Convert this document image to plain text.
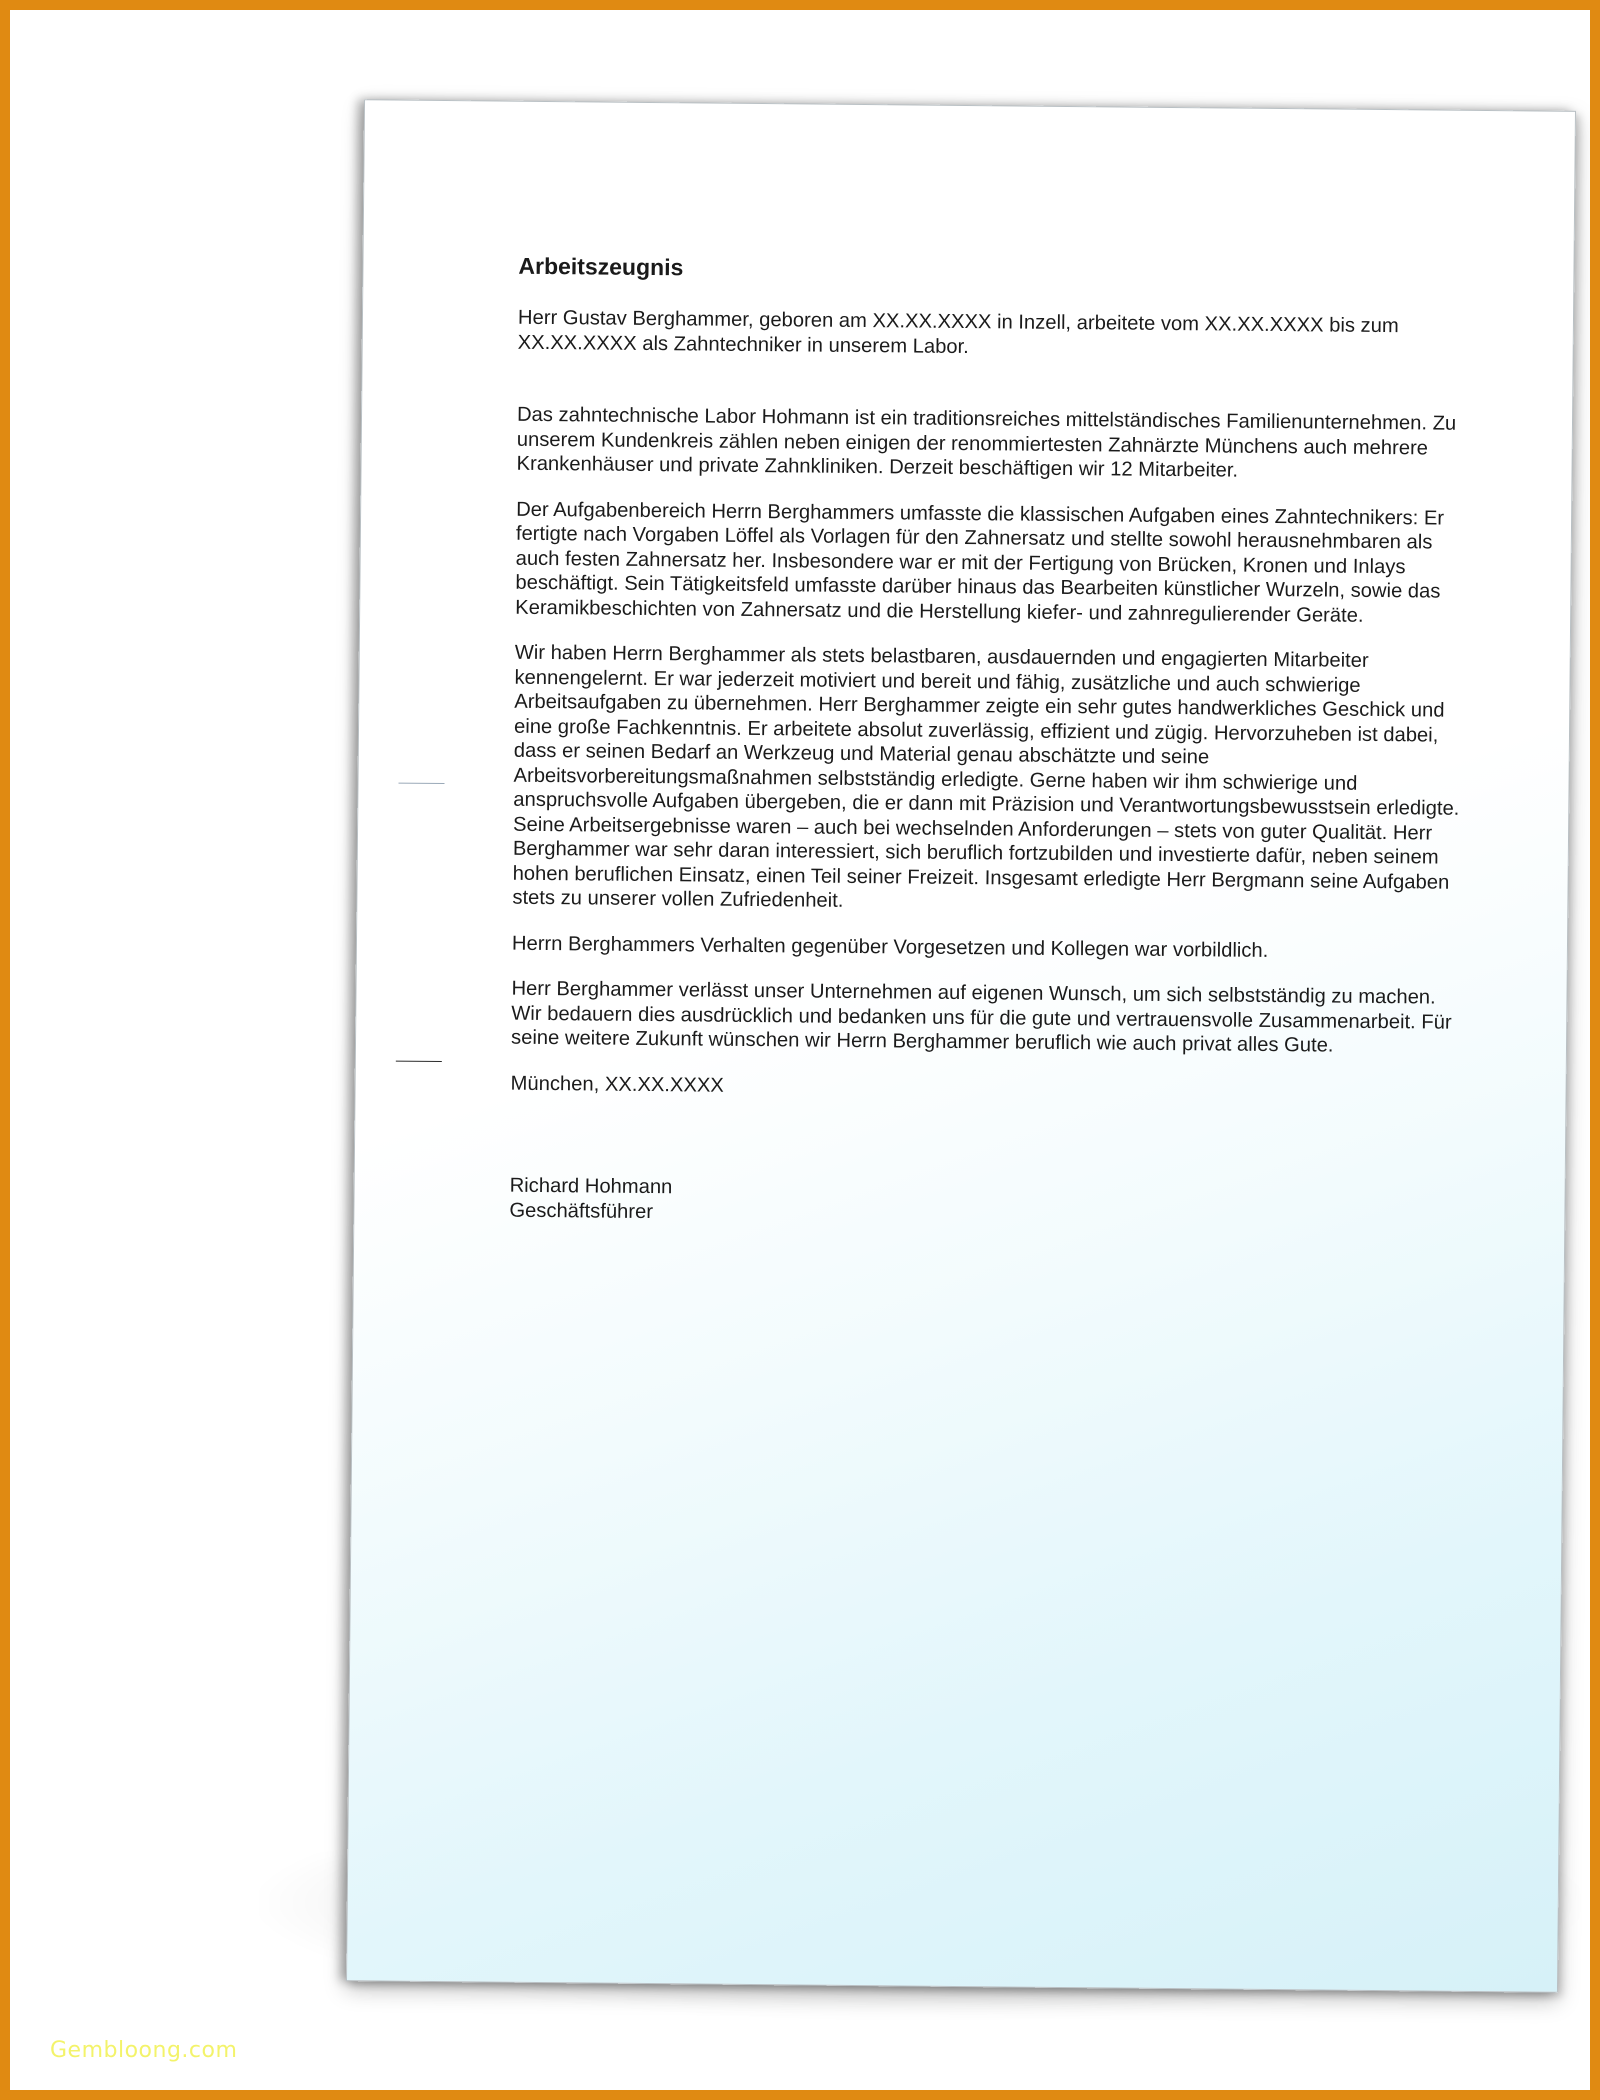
Arbeitszeugnis

Herr Gustav Berghammer, geboren am XX.XX.XXXX in Inzell, arbeitete vom XX.XX.XXXX bis zum XX.XX.XXXX als Zahntechniker in unserem Labor.

Das zahntechnische Labor Hohmann ist ein traditionsreiches mittelständisches Familienunternehmen. Zu unserem Kundenkreis zählen neben einigen der renommiertesten Zahnärzte Münchens auch mehrere Krankenhäuser und private Zahnkliniken. Derzeit beschäftigen wir 12 Mitarbeiter.

Der Aufgabenbereich Herrn Berghammers umfasste die klassischen Aufgaben eines Zahntechnikers: Er fertigte nach Vorgaben Löffel als Vorlagen für den Zahnersatz und stellte sowohl herausnehmbaren als auch festen Zahnersatz her. Insbesondere war er mit der Fertigung von Brücken, Kronen und Inlays beschäftigt. Sein Tätigkeitsfeld umfasste darüber hinaus das Bearbeiten künstlicher Wurzeln, sowie das Keramikbeschichten von Zahnersatz und die Herstellung kiefer- und zahnregulierender Geräte.

Wir haben Herrn Berghammer als stets belastbaren, ausdauernden und engagierten Mitarbeiter kennengelernt. Er war jederzeit motiviert und bereit und fähig, zusätzliche und auch schwierige Arbeitsaufgaben zu übernehmen. Herr Berghammer zeigte ein sehr gutes handwerkliches Geschick und eine große Fachkenntnis. Er arbeitete absolut zuverlässig, effizient und zügig. Hervorzuheben ist dabei, dass er seinen Bedarf an Werkzeug und Material genau abschätzte und seine Arbeitsvorbereitungsmaßnahmen selbstständig erledigte. Gerne haben wir ihm schwierige und anspruchsvolle Aufgaben übergeben, die er dann mit Präzision und Verantwortungsbewusstsein erledigte. Seine Arbeitsergebnisse waren – auch bei wechselnden Anforderungen – stets von guter Qualität. Herr Berghammer war sehr daran interessiert, sich beruflich fortzubilden und investierte dafür, neben seinem hohen beruflichen Einsatz, einen Teil seiner Freizeit. Insgesamt erledigte Herr Bergmann seine Aufgaben stets zu unserer vollen Zufriedenheit.

Herrn Berghammers Verhalten gegenüber Vorgesetzen und Kollegen war vorbildlich.

Herr Berghammer verlässt unser Unternehmen auf eigenen Wunsch, um sich selbstständig zu machen. Wir bedauern dies ausdrücklich und bedanken uns für die gute und vertrauensvolle Zusammenarbeit. Für seine weitere Zukunft wünschen wir Herrn Berghammer beruflich wie auch privat alles Gute.

München, XX.XX.XXXX

Richard Hohmann
Geschäftsführer
Gembloong.com
